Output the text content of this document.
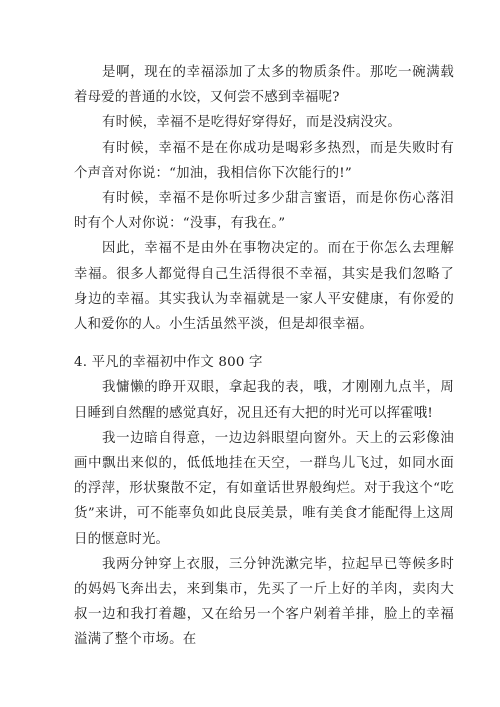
是啊，现在的幸福添加了太多的物质条件。那吃一碗满载着母爱的普通的水饺，又何尝不感到幸福呢?

有时候，幸福不是吃得好穿得好，而是没病没灾。

有时候，幸福不是在你成功是喝彩多热烈，而是失败时有个声音对你说：“加油，我相信你下次能行的!”

有时候，幸福不是你听过多少甜言蜜语，而是你伤心落泪时有个人对你说：“没事，有我在。”

因此，幸福不是由外在事物决定的。而在于你怎么去理解幸福。很多人都觉得自己生活得很不幸福，其实是我们忽略了身边的幸福。其实我认为幸福就是一家人平安健康，有你爱的人和爱你的人。小生活虽然平淡，但是却很幸福。

4. 平凡的幸福初中作文 800 字

我慵懒的睁开双眼，拿起我的表，哦，才刚刚九点半，周日睡到自然醒的感觉真好，况且还有大把的时光可以挥霍哦!

我一边暗自得意，一边边斜眼望向窗外。天上的云彩像油画中飘出来似的，低低地挂在天空，一群鸟儿飞过，如同水面的浮萍，形状聚散不定，有如童话世界般绚烂。对于我这个“吃货”来讲，可不能辜负如此良辰美景，唯有美食才能配得上这周日的惬意时光。

我两分钟穿上衣服，三分钟洗漱完毕，拉起早已等候多时的妈妈飞奔出去，来到集市，先买了一斤上好的羊肉，卖肉大叔一边和我打着趣，又在给另一个客户剁着羊排，脸上的幸福溢满了整个市场。在
